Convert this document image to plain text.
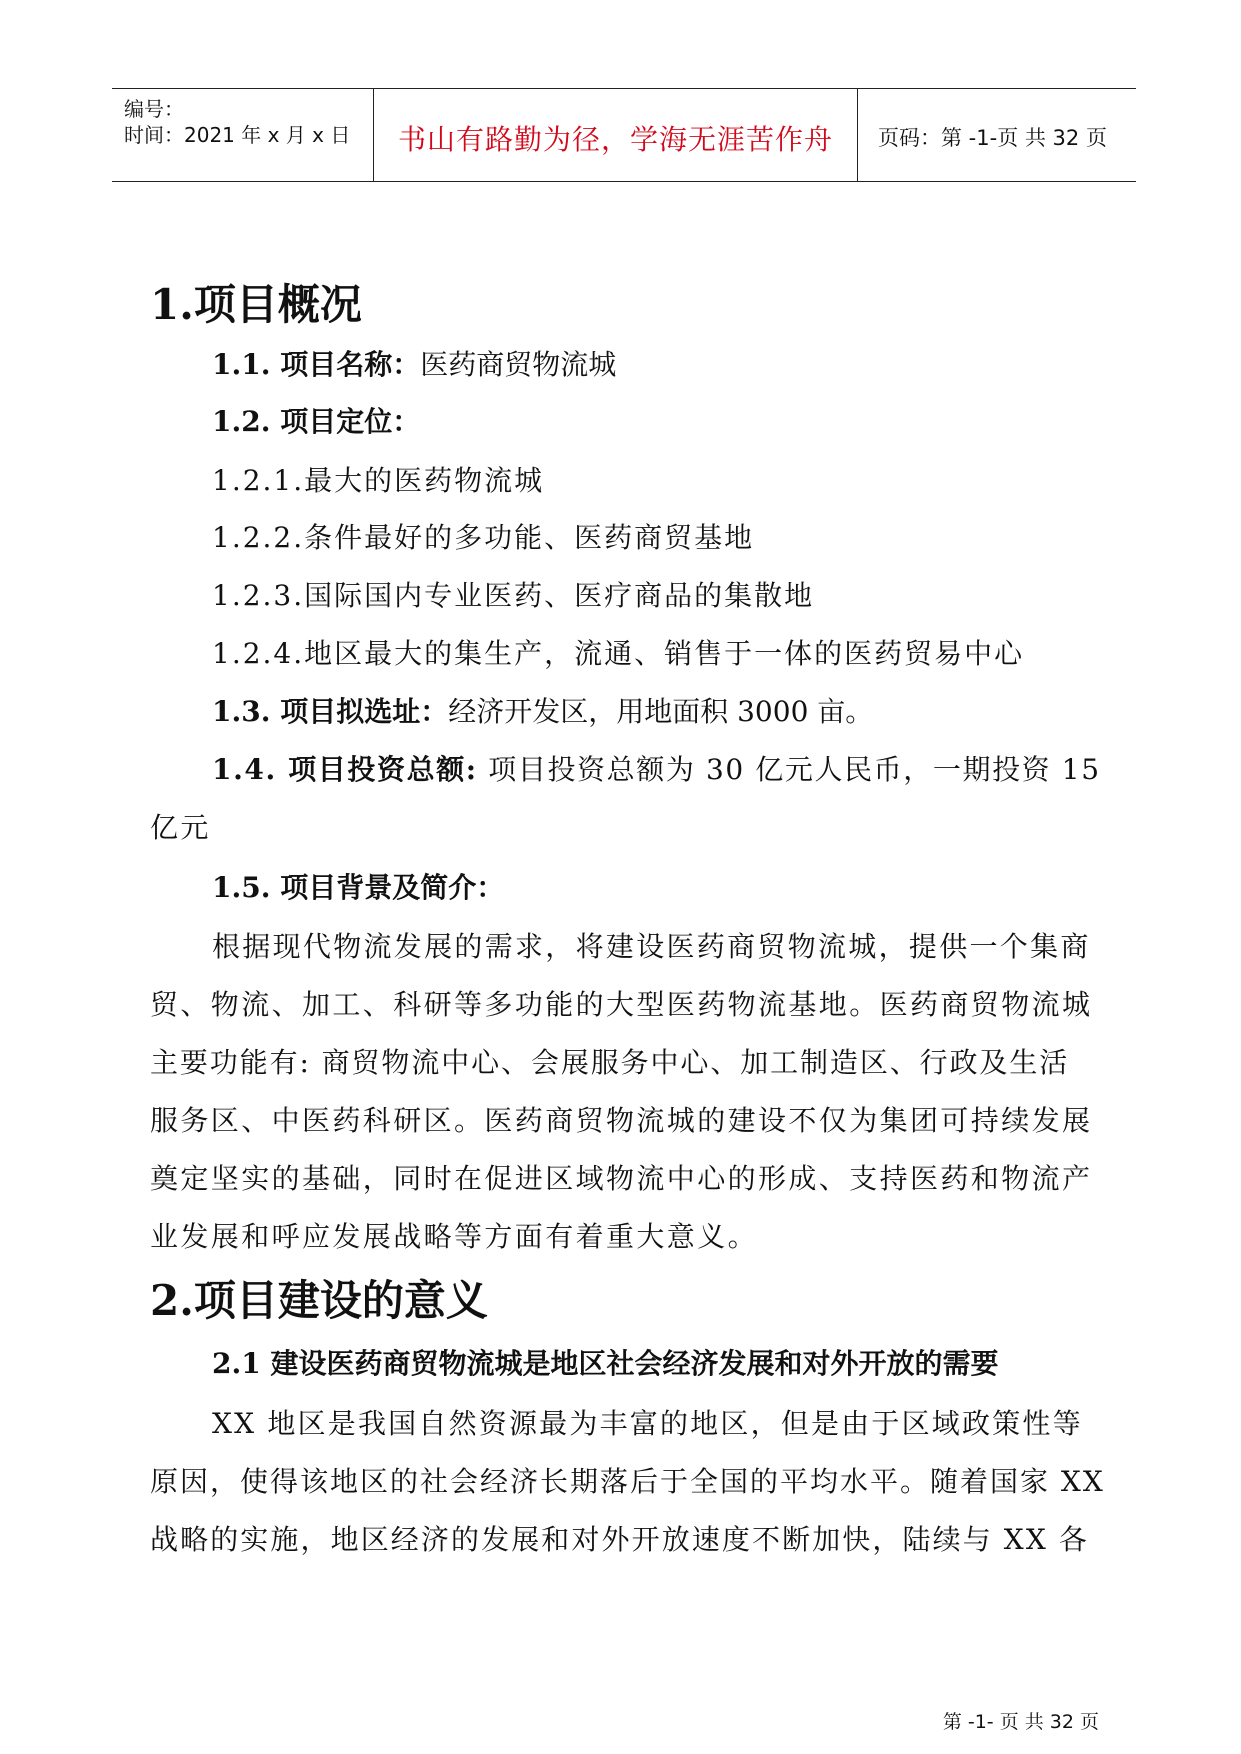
编号：
时间：2021 年 x 月 x 日	书山有路勤为径，学海无涯苦作舟	页码：第 -1-页 共 32 页
1.项目概况
1.1. 项目名称：医药商贸物流城
1.2. 项目定位：
1.2.1.最大的医药物流城
1.2.2.条件最好的多功能、医药商贸基地
1.2.3.国际国内专业医药、医疗商品的集散地
1.2.4.地区最大的集生产，流通、销售于一体的医药贸易中心
1.3. 项目拟选址：经济开发区，用地面积 3000 亩。
1.4. 项目投资总额: 项目投资总额为 30 亿元人民币，一期投资 15
亿元
1.5. 项目背景及简介：
根据现代物流发展的需求，将建设医药商贸物流城，提供一个集商
贸、物流、加工、科研等多功能的大型医药物流基地。医药商贸物流城
主要功能有: 商贸物流中心、会展服务中心、加工制造区、行政及生活
服务区、中医药科研区。医药商贸物流城的建设不仅为集团可持续发展
奠定坚实的基础，同时在促进区域物流中心的形成、支持医药和物流产
业发展和呼应发展战略等方面有着重大意义。
2.项目建设的意义
2.1 建设医药商贸物流城是地区社会经济发展和对外开放的需要
XX 地区是我国自然资源最为丰富的地区，但是由于区域政策性等
原因，使得该地区的社会经济长期落后于全国的平均水平。随着国家 XX
战略的实施，地区经济的发展和对外开放速度不断加快，陆续与 XX 各
第 -1- 页 共 32 页
